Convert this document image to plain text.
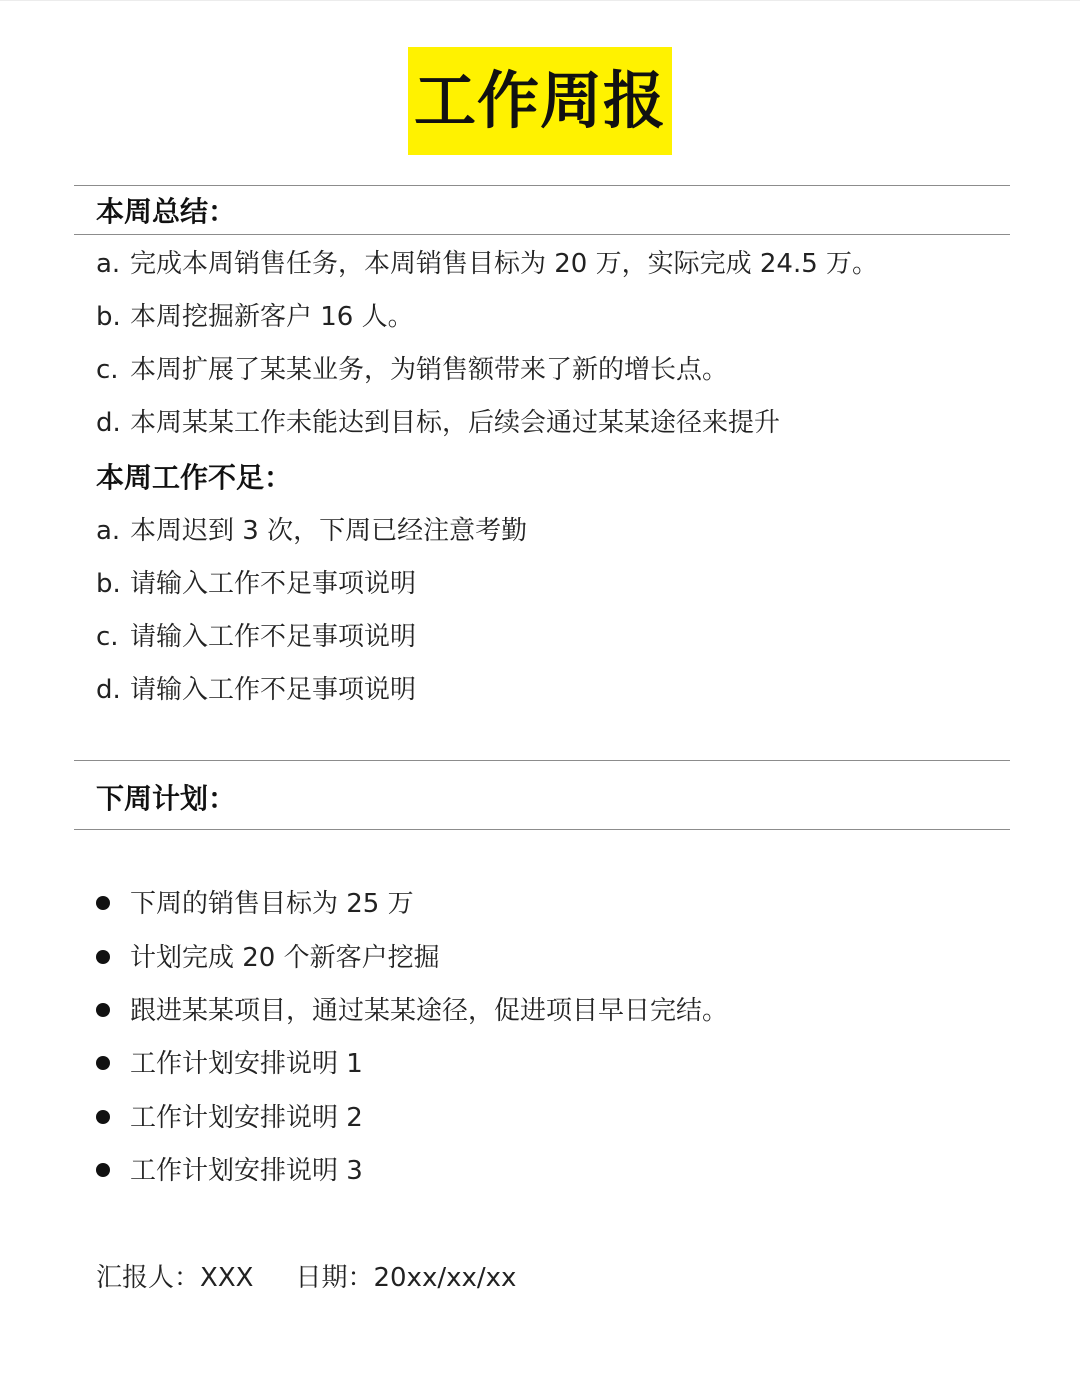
工作周报
本周总结：
a. 完成本周销售任务，本周销售目标为 20 万，实际完成 24.5 万。
b. 本周挖掘新客户 16 人。
c. 本周扩展了某某业务，为销售额带来了新的增长点。
d. 本周某某工作未能达到目标，后续会通过某某途径来提升
本周工作不足：
a. 本周迟到 3 次，下周已经注意考勤
b. 请输入工作不足事项说明
c. 请输入工作不足事项说明
d. 请输入工作不足事项说明
下周计划：
下周的销售目标为 25 万
计划完成 20 个新客户挖掘
跟进某某项目，通过某某途径，促进项目早日完结。
工作计划安排说明 1
工作计划安排说明 2
工作计划安排说明 3
汇报人：XXX 日期：20xx/xx/xx
